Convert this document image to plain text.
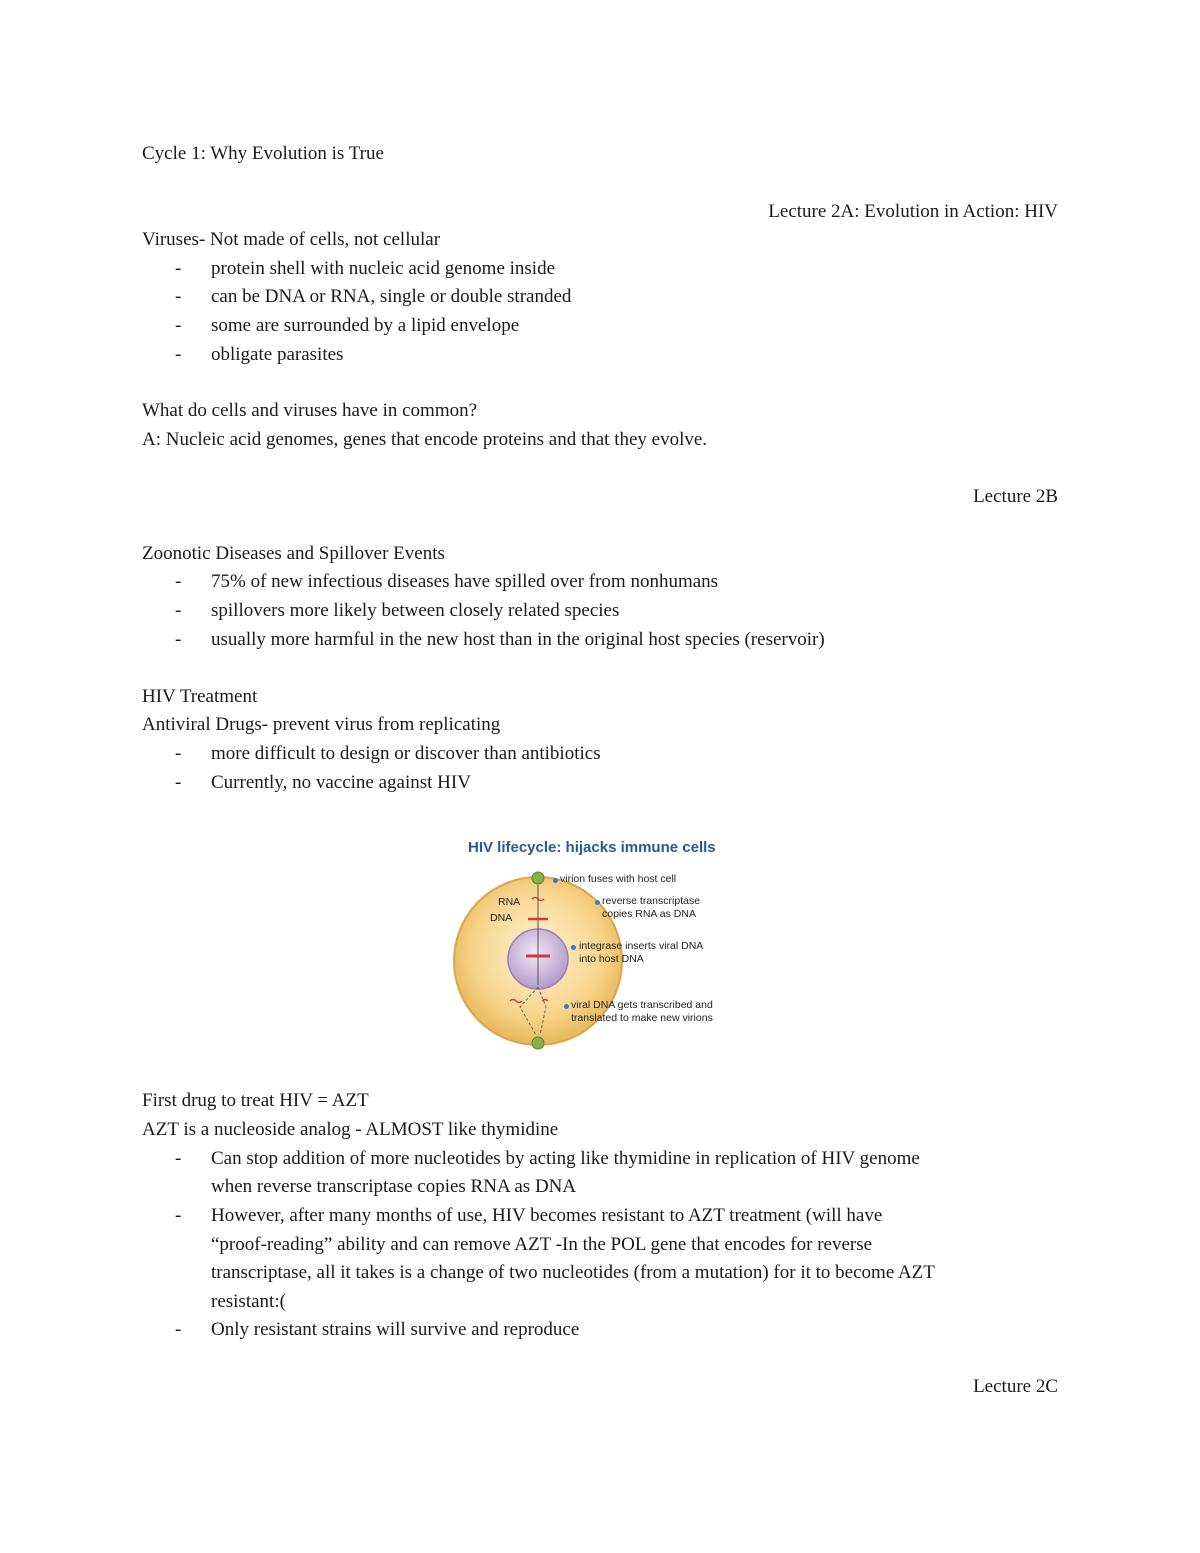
Cycle 1: Why Evolution is True
Lecture 2A: Evolution in Action: HIV
Viruses- Not made of cells, not cellular
- protein shell with nucleic acid genome inside
- can be DNA or RNA, single or double stranded
- some are surrounded by a lipid envelope
- obligate parasites
What do cells and viruses have in common?
A: Nucleic acid genomes, genes that encode proteins and that they evolve.
Lecture 2B
Zoonotic Diseases and Spillover Events
- 75% of new infectious diseases have spilled over from nonhumans
- spillovers more likely between closely related species
- usually more harmful in the new host than in the original host species (reservoir)
HIV Treatment
Antiviral Drugs- prevent virus from replicating
- more difficult to design or discover than antibiotics
- Currently, no vaccine against HIV
HIV lifecycle: hijacks immune cells
RNA
DNA
virion fuses with host cell
reverse transcriptase
copies RNA as DNA
integrase inserts viral DNA
into host DNA
viral DNA gets transcribed and
translated to make new virions
First drug to treat HIV = AZT
AZT is a nucleoside analog - ALMOST like thymidine
- Can stop addition of more nucleotides by acting like thymidine in replication of HIV genome
when reverse transcriptase copies RNA as DNA
- However, after many months of use, HIV becomes resistant to AZT treatment (will have
“proof-reading” ability and can remove AZT -In the POL gene that encodes for reverse
transcriptase, all it takes is a change of two nucleotides (from a mutation) for it to become AZT
resistant:(
- Only resistant strains will survive and reproduce
Lecture 2C
